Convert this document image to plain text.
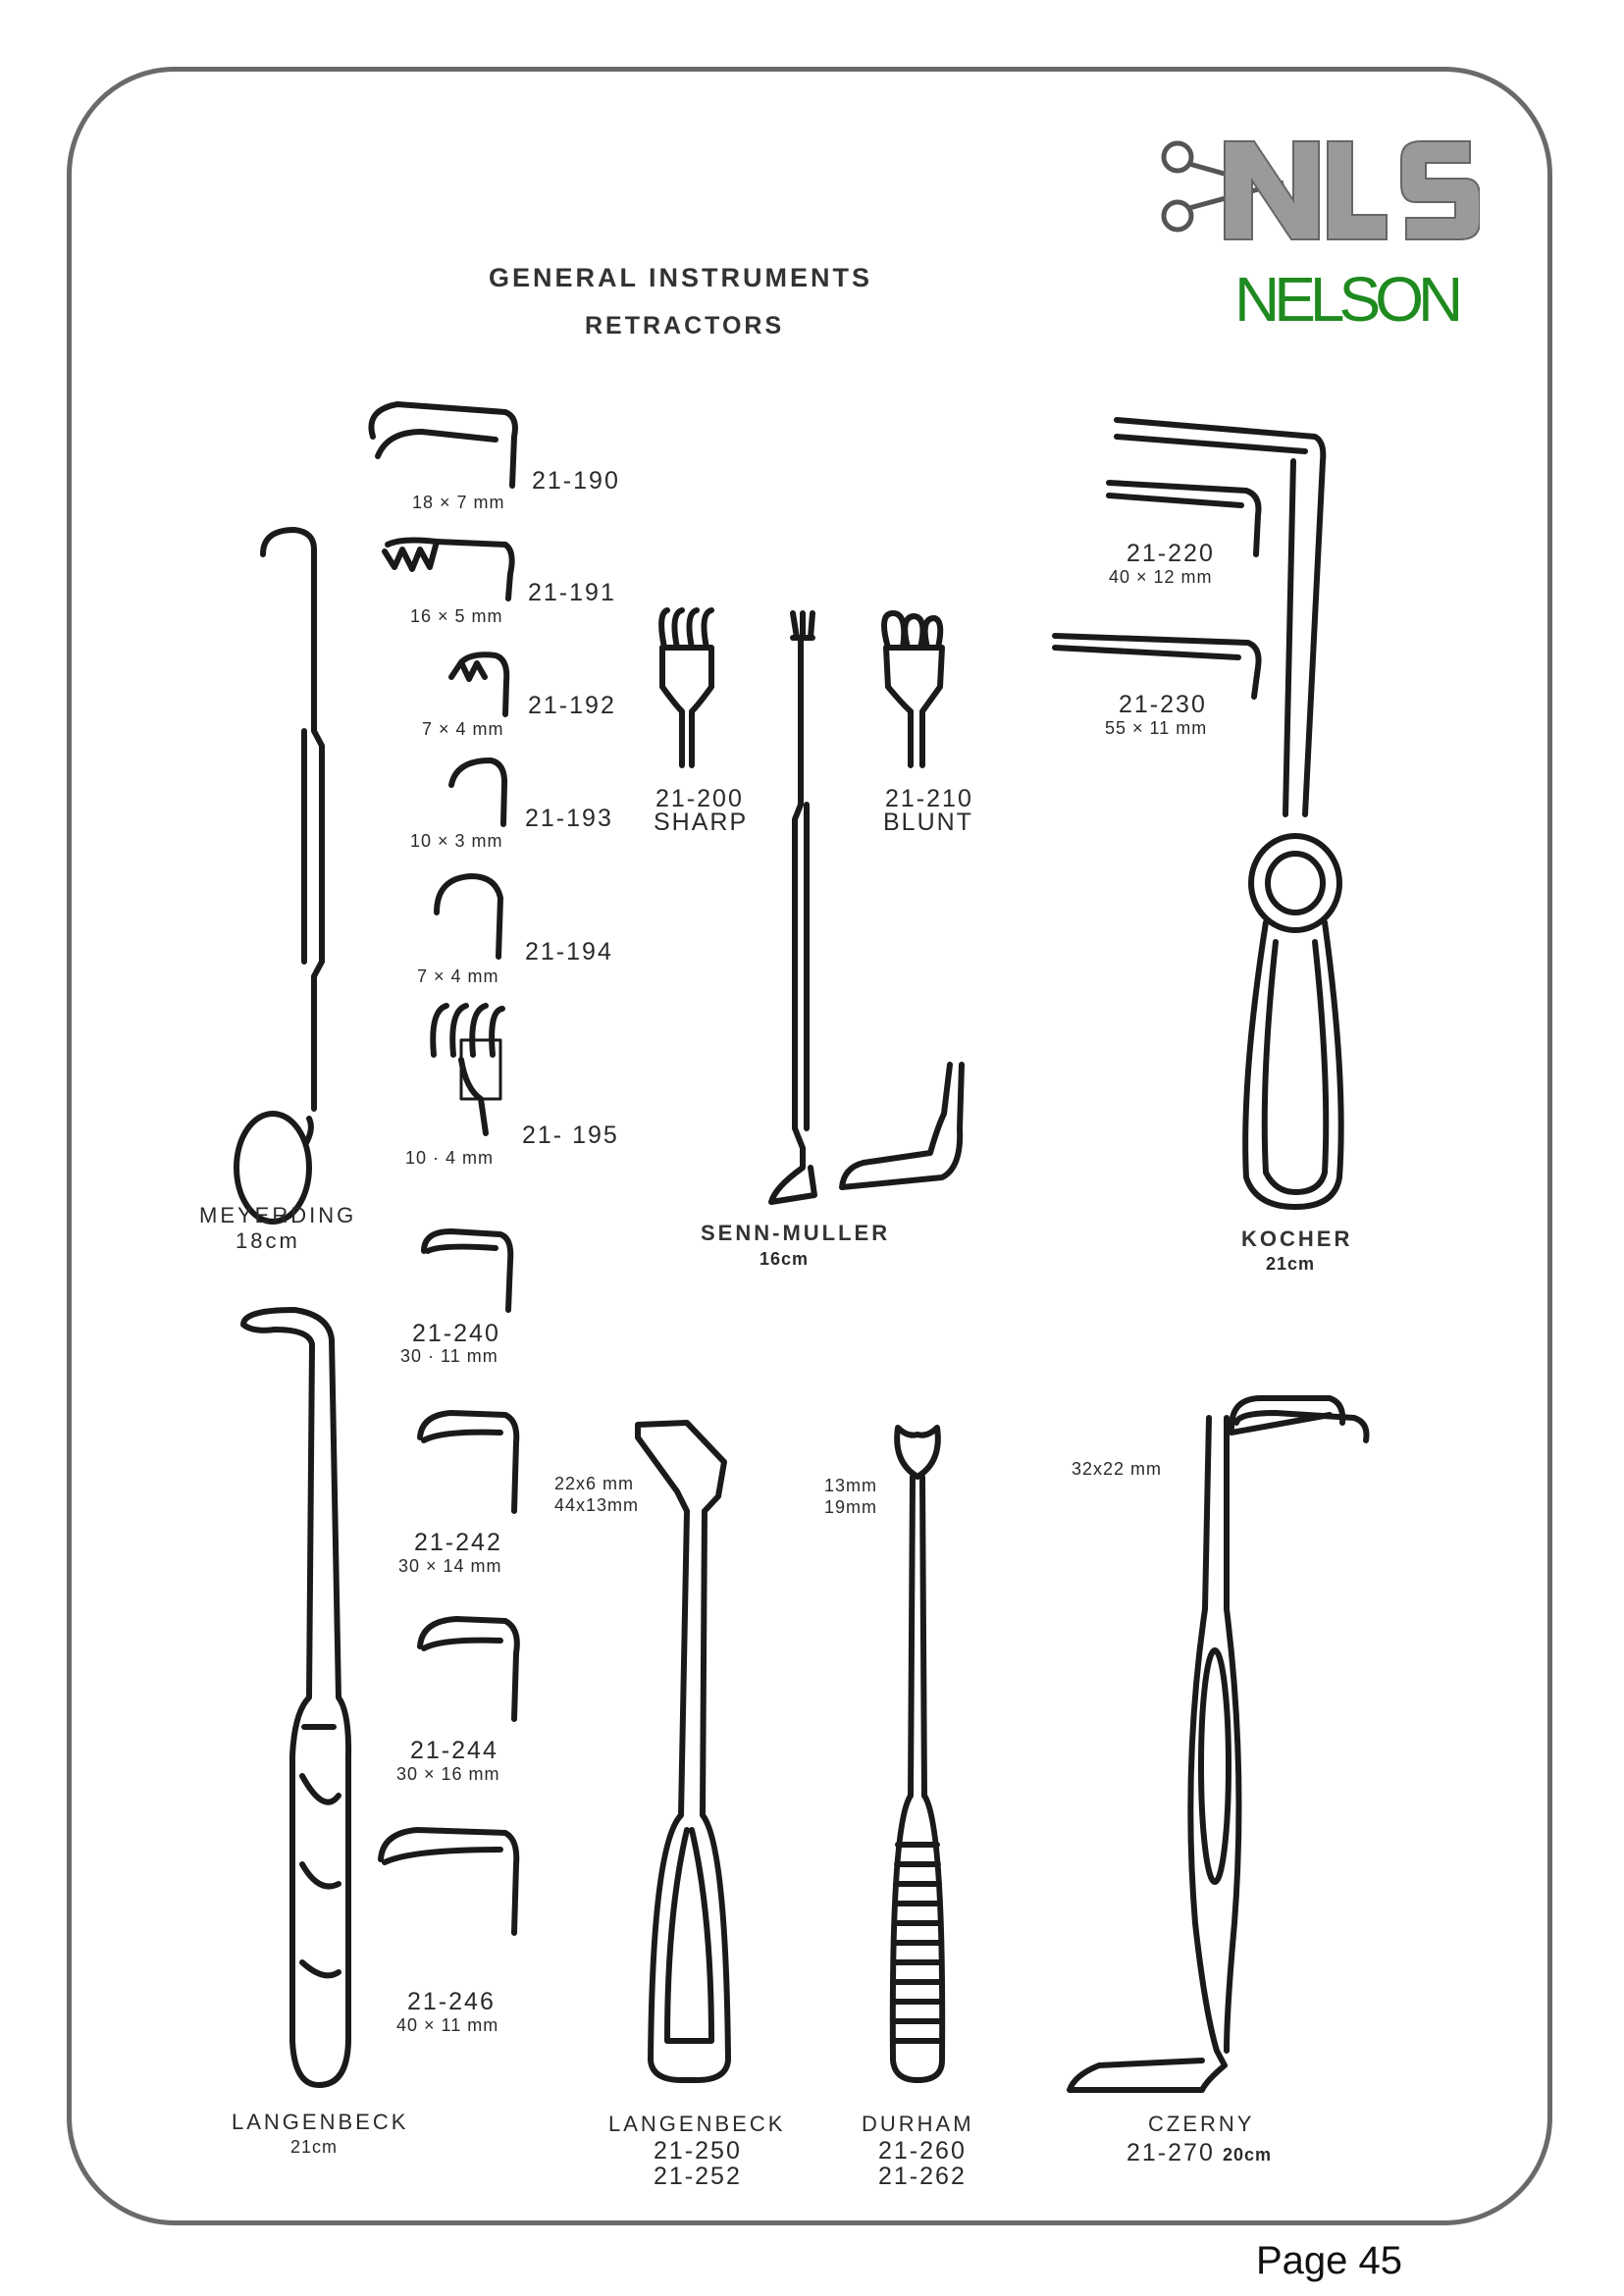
NELSON
GENERAL INSTRUMENTS
RETRACTORS
21-190
18 × 7 mm
21-191
16 × 5 mm
21-192
7 × 4 mm
21-193
10 × 3 mm
21-194
7 × 4 mm
21- 195
10 · 4 mm
MEYERDING
18cm
21-200
SHARP
21-210
BLUNT
SENN-MULLER
16cm
21-220
40 × 12 mm
21-230
55 × 11 mm
KOCHER
21cm
21-240
30 · 11 mm
21-242
30 × 14 mm
21-244
30 × 16 mm
21-246
40 × 11 mm
LANGENBECK
21cm
22x6 mm
44x13mm
LANGENBECK
21-250
21-252
13mm
19mm
DURHAM
21-260
21-262
32x22 mm
CZERNY
21-270 20cm
Page 45
